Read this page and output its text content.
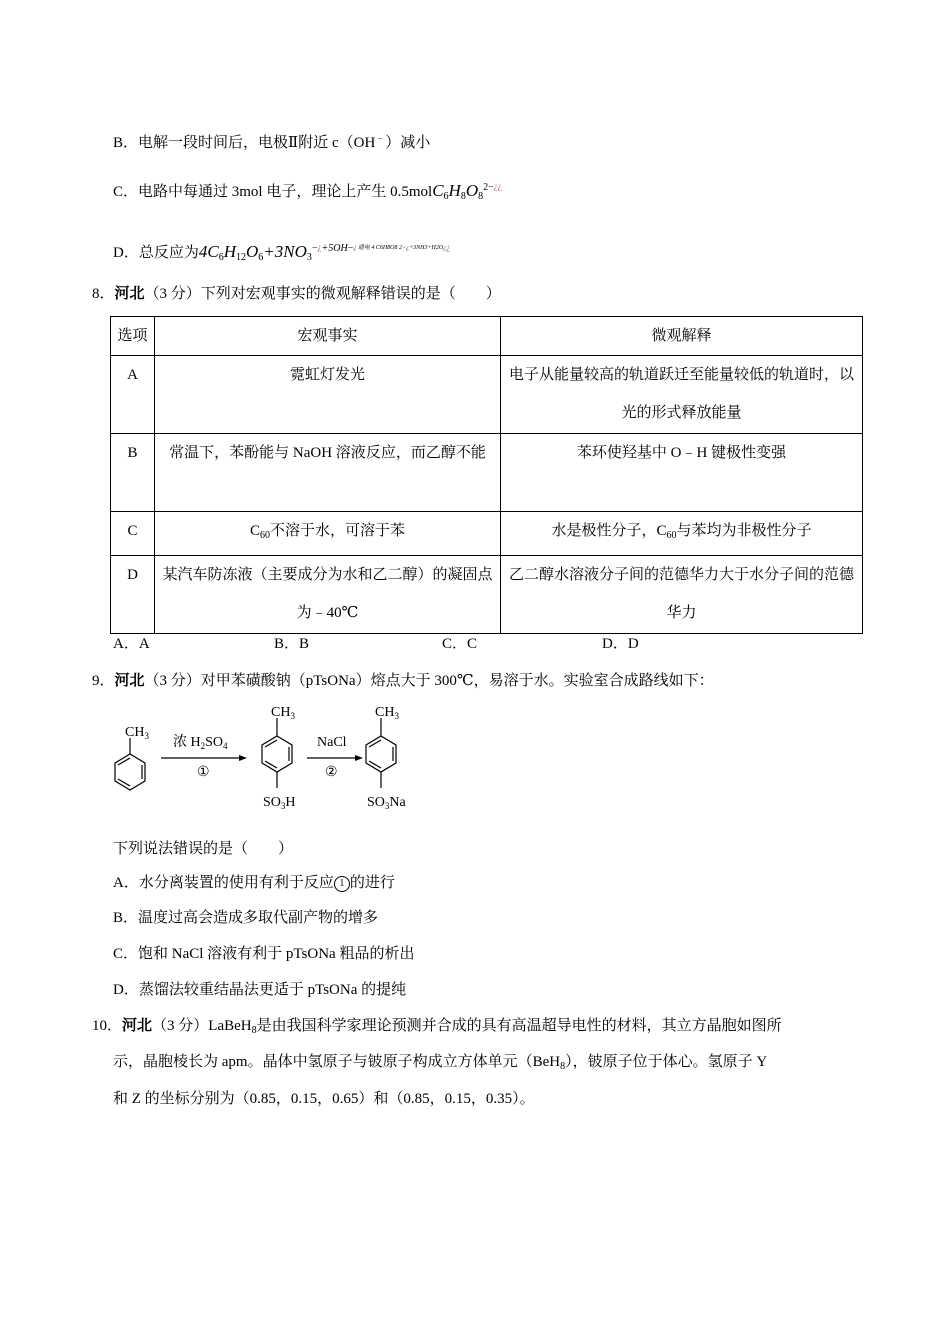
B．电解一段时间后，电极Ⅱ附近 c（OH﹣）减小
C．电路中每通过 3mol 电子，理论上产生 $0.5molC_6H_8O_8^{2-¿¿}$
D．总反应为$4C_6H_{12}O_6+3NO_3^{-¿+5OH-¿ 通电 4 C6H8O8 2-¿+3NH3+H2O¿¿}$
8．河北（3 分）下列对宏观事实的微观解释错误的是（　　）
选项	宏观事实	微观解释
A	霓虹灯发光	电子从能量较高的轨道跃迁至能量较低的轨道时，以光的形式释放能量
B	常温下，苯酚能与 NaOH 溶液反应，而乙醇不能	苯环使羟基中 O﹣H 键极性变强
C	$C_{60}$不溶于水，可溶于苯	水是极性分子，$C_{60}$与苯均为非极性分子
D	某汽车防冻液（主要成分为水和乙二醇）的凝固点为﹣40℃	乙二醇水溶液分子间的范德华力大于水分子间的范德华力
A．A	B．B	C．C	D．D
9．河北（3 分）对甲苯磺酸钠（pTsONa）熔点大于 300℃，易溶于水。实验室合成路线如下：
$CH_3$ 浓 $H_2SO_4$
①
$CH_3$
$SO_3H$
NaCl
②
$CH_3$
$SO_3Na$
下列说法错误的是（　　）
A．水分离装置的使用有利于反应 1 的进行
B．温度过高会造成多取代副产物的增多
C．饱和 NaCl 溶液有利于 pTsONa 粗品的析出
D．蒸馏法较重结晶法更适于 pTsONa 的提纯
10．河北（3 分）LaBeH$_8$是由我国科学家理论预测并合成的具有高温超导电性的材料，其立方晶胞如图所
示，晶胞棱长为 apm。晶体中氢原子与铍原子构成立方体单元（BeH$_8$），铍原子位于体心。氢原子 Y
和 Z 的坐标分别为（0.85，0.15，0.65）和（0.85，0.15，0.35）。
